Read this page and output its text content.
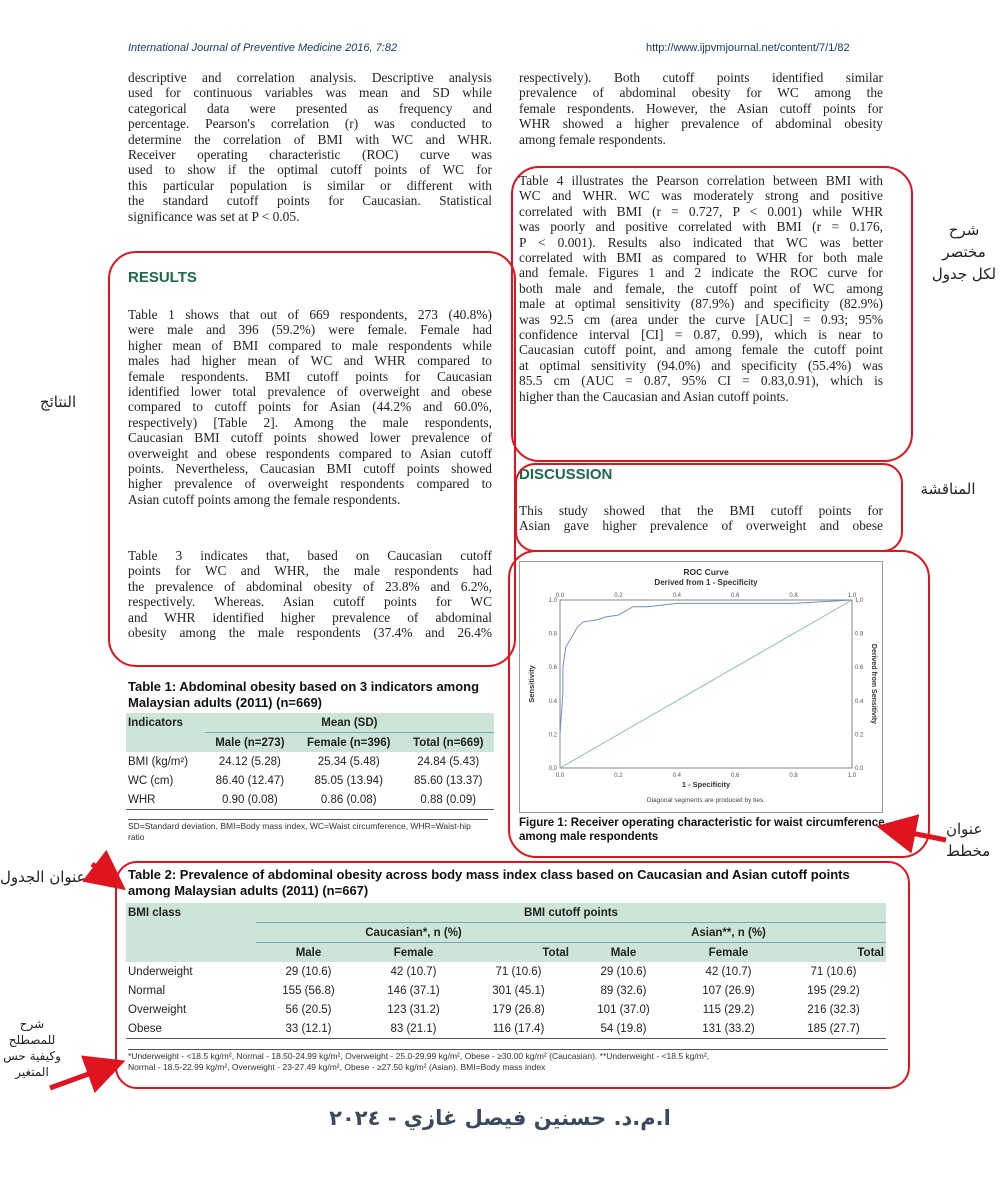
International Journal of Preventive Medicine 2016, 7:82	http://www.ijpvmjournal.net/content/7/1/82
descriptive and correlation analysis. Descriptive analysis
used for continuous variables was mean and SD while
categorical data were presented as frequency and
percentage. Pearson's correlation (r) was conducted to
determine the correlation of BMI with WC and WHR.
Receiver operating characteristic (ROC) curve was
used to show if the optimal cutoff points of WC for
this particular population is similar or different with
the standard cutoff points for Caucasian. Statistical
significance was set at P < 0.05.
RESULTS
Table 1 shows that out of 669 respondents, 273 (40.8%)
were male and 396 (59.2%) were female. Female had
higher mean of BMI compared to male respondents while
males had higher mean of WC and WHR compared to
female respondents. BMI cutoff points for Caucasian
identified lower total prevalence of overweight and obese
compared to cutoff points for Asian (44.2% and 60.0%,
respectively) [Table 2]. Among the male respondents,
Caucasian BMI cutoff points showed lower prevalence of
overweight and obese respondents compared to Asian cutoff
points. Nevertheless, Caucasian BMI cutoff points showed
higher prevalence of overweight respondents compared to
Asian cutoff points among the female respondents.
Table 3 indicates that, based on Caucasian cutoff
points for WC and WHR, the male respondents had
the prevalence of abdominal obesity of 23.8% and 6.2%,
respectively. Whereas. Asian cutoff points for WC
and WHR identified higher prevalence of abdominal
obesity among the male respondents (37.4% and 26.4%
respectively). Both cutoff points identified similar
prevalence of abdominal obesity for WC among the
female respondents. However, the Asian cutoff points for
WHR showed a higher prevalence of abdominal obesity
among female respondents.
Table 4 illustrates the Pearson correlation between BMI with
WC and WHR. WC was moderately strong and positive
correlated with BMI (r = 0.727, P < 0.001) while WHR
was poorly and positive correlated with BMI (r = 0.176,
P < 0.001). Results also indicated that WC was better
correlated with BMI as compared to WHR for both male
and female. Figures 1 and 2 indicate the ROC curve for
both male and female, the cutoff point of WC among
male at optimal sensitivity (87.9%) and specificity (82.9%)
was 92.5 cm (area under the curve [AUC] = 0.93; 95%
confidence interval [CI] = 0.87, 0.99), which is near to
Caucasian cutoff point, and among female the cutoff point
at optimal sensitivity (94.0%) and specificity (55.4%) was
85.5 cm (AUC = 0.87, 95% CI = 0.83,0.91), which is
higher than the Caucasian and Asian cutoff points.
DISCUSSION
This study showed that the BMI cutoff points for
Asian gave higher prevalence of overweight and obese
ROC Curve
Derived from 1 - Specificity
1 - Specificity
Sensitivity	Derived from Sensitivity
Diagonal segments are produced by ties.
0.0
0.0
0.0	0.0
0.2
0.2
0.2	0.2
0.4
0.4
0.4	0.4
0.6
0.6
0.6	0.6
0.8
0.8
0.8	0.8
1.0
1.0
1.0	1.0
Figure 1: Receiver operating characteristic for waist circumference among male respondents
Table 1: Abdominal obesity based on 3 indicators among Malaysian adults (2011) (n=669)
Indicators	Mean (SD)		
	Male (n=273)	Female (n=396)	Total (n=669)
BMI (kg/m²)	24.12 (5.28)	25.34 (5.48)	24.84 (5.43)
WC (cm)	86.40 (12.47)	85.05 (13.94)	85.60 (13.37)
WHR	0.90 (0.08)	0.86 (0.08)	0.88 (0.09)
SD=Standard deviation, BMI=Body mass index, WC=Waist circumference, WHR=Waist-hip ratio
Table 2: Prevalence of abdominal obesity across body mass index class based on Caucasian and Asian cutoff points among Malaysian adults (2011) (n=667)
BMI class	BMI cutoff points					
	Caucasian*, n (%)			Asian**, n (%)		
	Male	Female	Total	Male	Female	Total
Underweight	29 (10.6)	42 (10.7)	71 (10.6)	29 (10.6)	42 (10.7)	71 (10.6)
Normal	155 (56.8)	146 (37.1)	301 (45.1)	89 (32.6)	107 (26.9)	195 (29.2)
Overweight	56 (20.5)	123 (31.2)	179 (26.8)	101 (37.0)	115 (29.2)	216 (32.3)
Obese	33 (12.1)	83 (21.1)	116 (17.4)	54 (19.8)	131 (33.2)	185 (27.7)
*Underweight - <18.5 kg/m², Normal - 18.50-24.99 kg/m², Overweight - 25.0-29.99 kg/m², Obese - ≥30.00 kg/m² (Caucasian). **Underweight - <18.5 kg/m²,
Normal - 18.5-22.99 kg/m², Overweight - 23-27.49 kg/m², Obese - ≥27.50 kg/m² (Asian). BMI=Body mass index
النتائج
شرح
مختصر
لكل جدول
المناقشة
عنوان
مخطط
عنوان الجدول
شرح
للمصطلح
وكيفية حس
المتغير
ا.م.د. حسنين فيصل غازي - ٢٠٢٤
